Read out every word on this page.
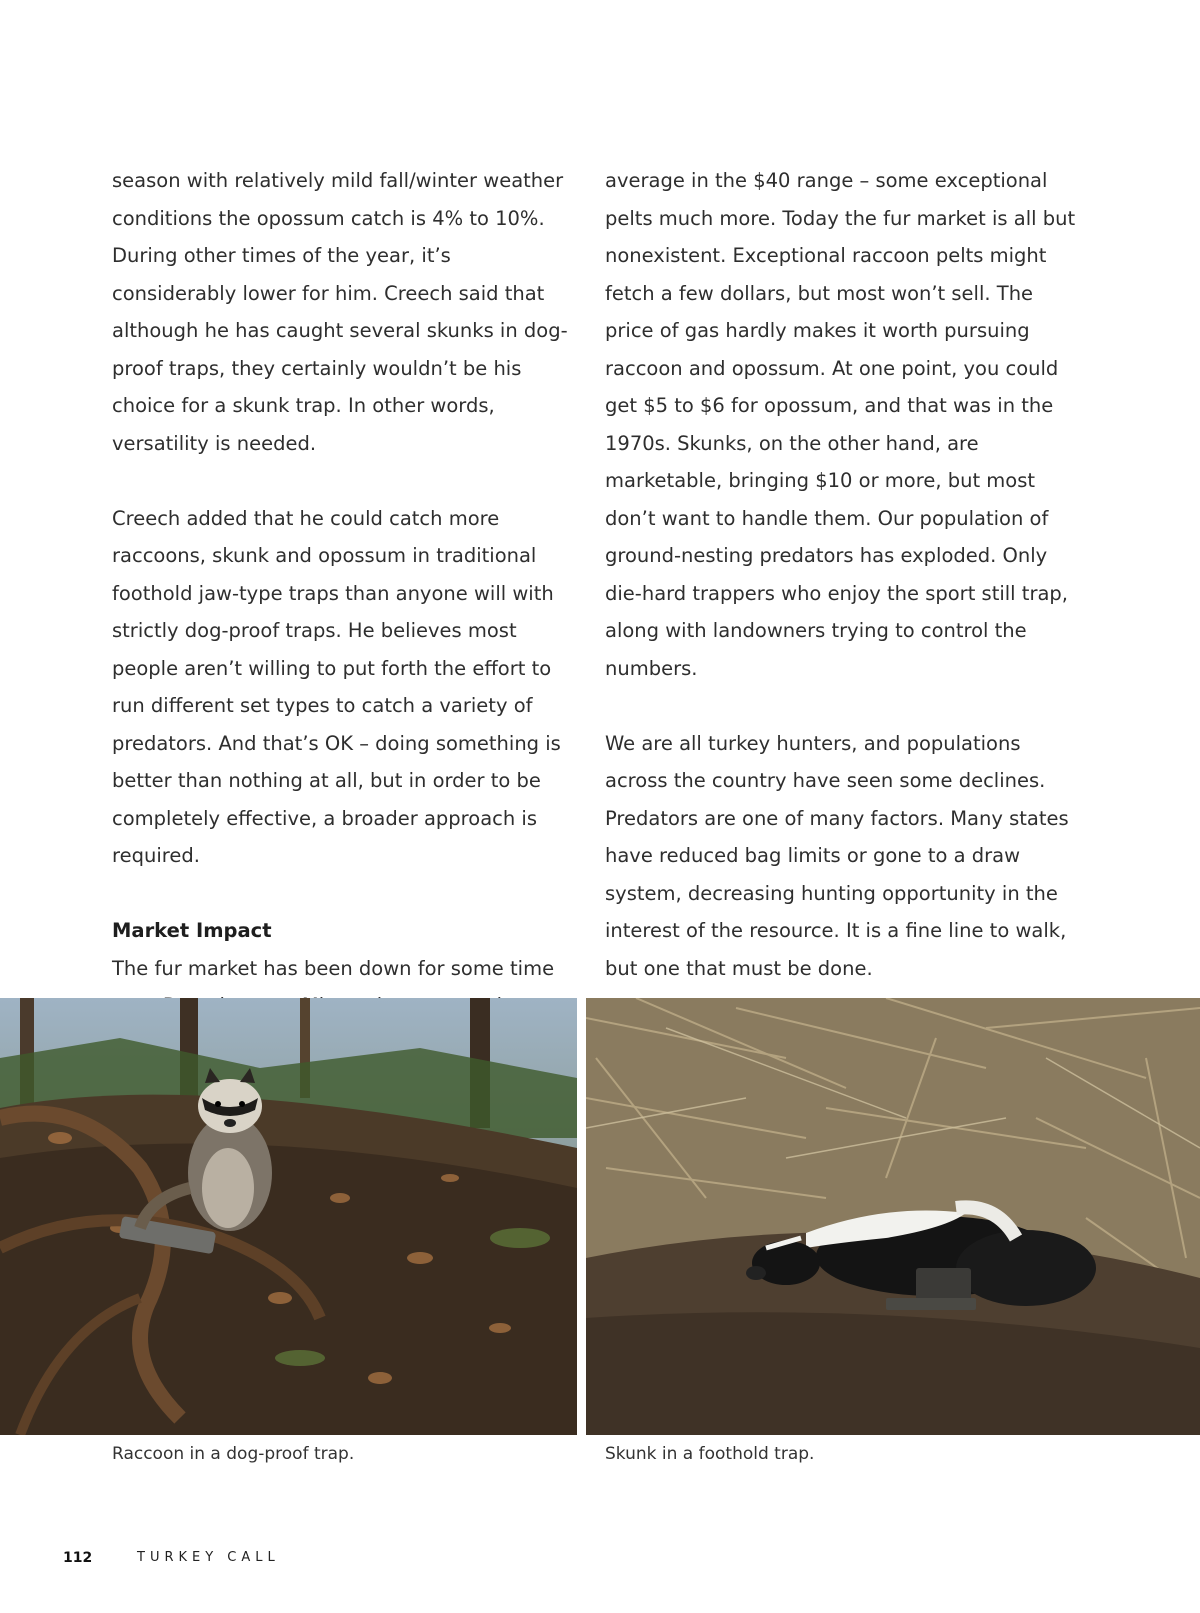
season with relatively mild fall/winter weather conditions the opossum catch is 4% to 10%. During other times of the year, it’s considerably lower for him. Creech said that although he has caught several skunks in dog-proof traps, they certainly wouldn’t be his choice for a skunk trap. In other words, versatility is needed.

Creech added that he could catch more raccoons, skunk and opossum in traditional foothold jaw-type traps than anyone will with strictly dog-proof traps. He believes most people aren’t willing to put forth the effort to run different set types to catch a variety of predators. And that’s OK – doing something is better than nothing at all, but in order to be completely effective, a broader approach is required.

Market Impact

The fur market has been down for some time

average in the $40 range – some exceptional pelts much more. Today the fur market is all but nonexistent. Exceptional raccoon pelts might fetch a few dollars, but most won’t sell. The price of gas hardly makes it worth pursuing raccoon and opossum. At one point, you could get $5 to $6 for opossum, and that was in the 1970s. Skunks, on the other hand, are marketable, bringing $10 or more, but most don’t want to handle them. Our population of ground-nesting predators has exploded. Only die-hard trappers who enjoy the sport still trap, along with landowners trying to control the numbers.

We are all turkey hunters, and populations across the country have seen some declines. Predators are one of many factors. Many states have reduced bag limits or gone to a draw system, decreasing hunting opportunity in the interest of the resource. It is a fine line to walk, but one that must be done.

Raccoon in a dog-proof trap.	Skunk in a foothold trap.
112	TURKEY CALL
